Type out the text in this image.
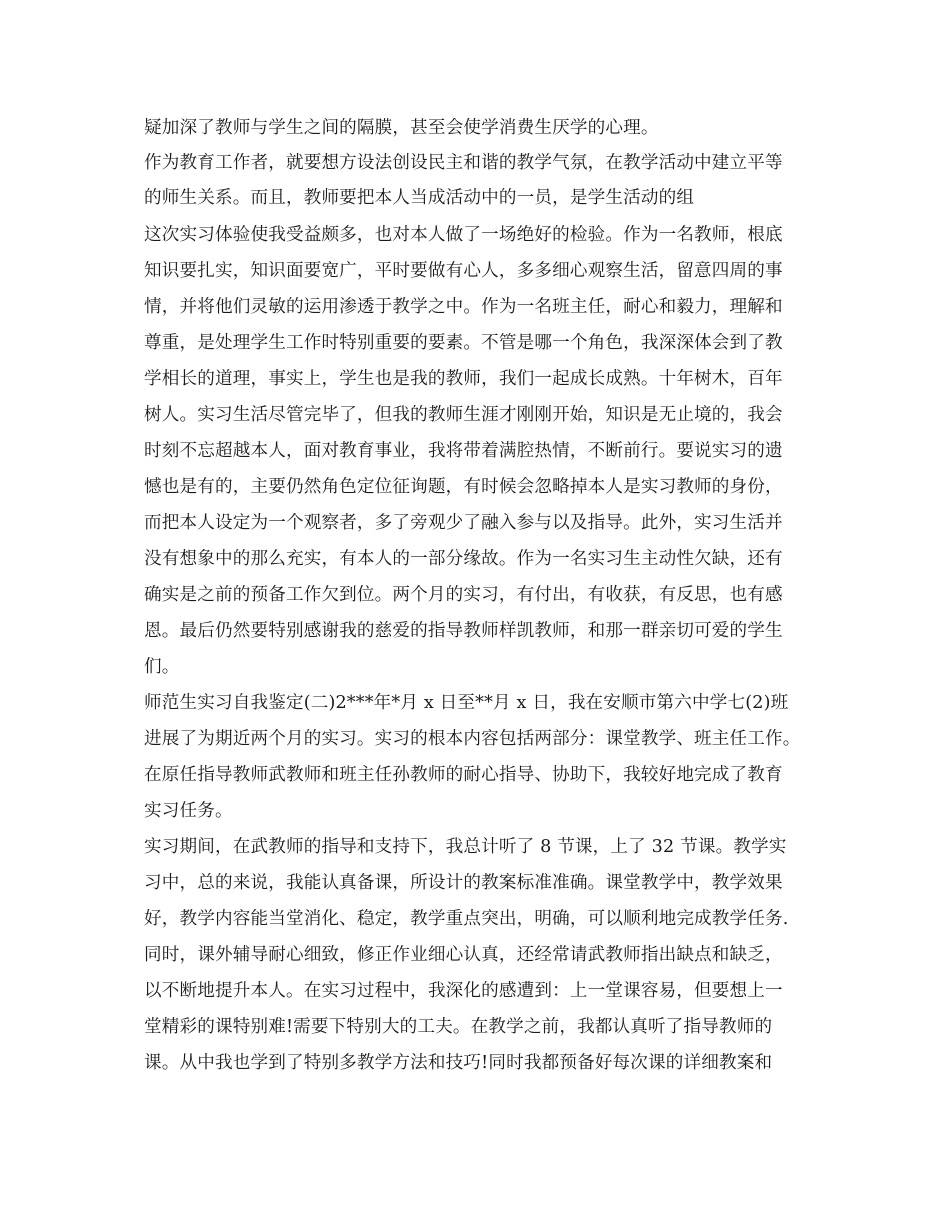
疑加深了教师与学生之间的隔膜，甚至会使学消费生厌学的心理。
作为教育工作者，就要想方设法创设民主和谐的教学气氛，在教学活动中建立平等
的师生关系。而且，教师要把本人当成活动中的一员，是学生活动的组
这次实习体验使我受益颇多，也对本人做了一场绝好的检验。作为一名教师，根底
知识要扎实，知识面要宽广，平时要做有心人，多多细心观察生活，留意四周的事
情，并将他们灵敏的运用渗透于教学之中。作为一名班主任，耐心和毅力，理解和
尊重，是处理学生工作时特别重要的要素。不管是哪一个角色，我深深体会到了教
学相长的道理，事实上，学生也是我的教师，我们一起成长成熟。十年树木，百年
树人。实习生活尽管完毕了，但我的教师生涯才刚刚开始，知识是无止境的，我会
时刻不忘超越本人，面对教育事业，我将带着满腔热情，不断前行。要说实习的遗
憾也是有的，主要仍然角色定位征询题，有时候会忽略掉本人是实习教师的身份，
而把本人设定为一个观察者，多了旁观少了融入参与以及指导。此外，实习生活并
没有想象中的那么充实，有本人的一部分缘故。作为一名实习生主动性欠缺，还有
确实是之前的预备工作欠到位。两个月的实习，有付出，有收获，有反思，也有感
恩。最后仍然要特别感谢我的慈爱的指导教师样凯教师，和那一群亲切可爱的学生
们。
师范生实习自我鉴定(二)2***年*月 x 日至**月 x 日，我在安顺市第六中学七(2)班
进展了为期近两个月的实习。实习的根本内容包括两部分：课堂教学、班主任工作。
在原任指导教师武教师和班主任孙教师的耐心指导、协助下，我较好地完成了教育
实习任务。
实习期间，在武教师的指导和支持下，我总计听了 8 节课，上了 32 节课。教学实
习中，总的来说，我能认真备课，所设计的教案标准准确。课堂教学中，教学效果
好，教学内容能当堂消化、稳定，教学重点突出，明确，可以顺利地完成教学任务.
同时，课外辅导耐心细致，修正作业细心认真，还经常请武教师指出缺点和缺乏，
以不断地提升本人。在实习过程中，我深化的感遭到：上一堂课容易，但要想上一
堂精彩的课特别难!需要下特别大的工夫。在教学之前，我都认真听了指导教师的
课。从中我也学到了特别多教学方法和技巧!同时我都预备好每次课的详细教案和
